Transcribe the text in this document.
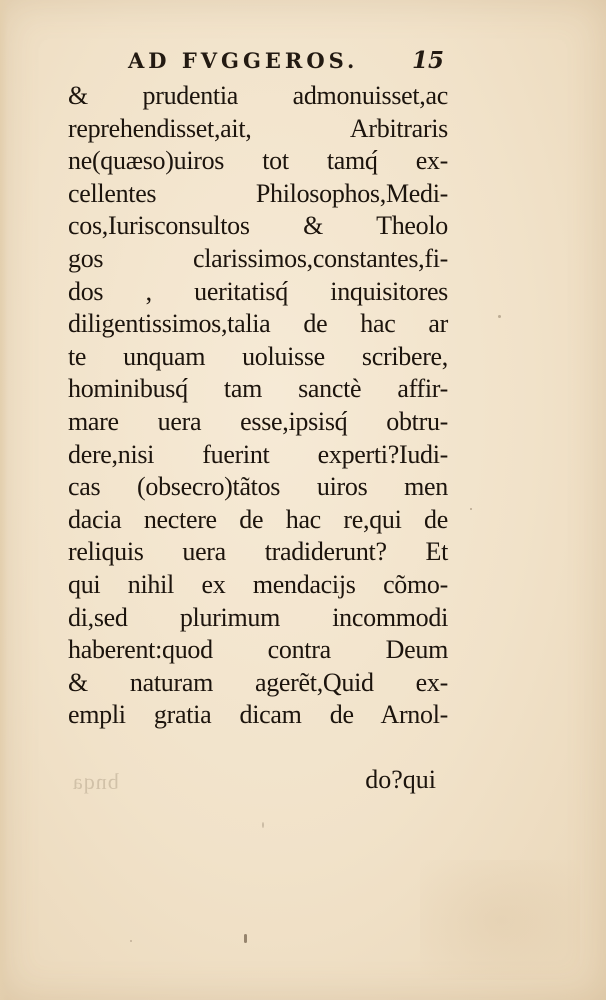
AD FVGGEROS. 15
& prudentia admonuisset,ac
reprehendisset,ait, Arbitraris
ne(quæso)uiros tot tamq́ ex-
cellentes Philosophos,Medi-
cos,Iurisconsultos & Theolo
gos clarissimos,constantes,fi-
dos , ueritatisq́ inquisitores
diligentissimos,talia de hac ar
te unquam uoluisse scribere,
hominibusq́ tam sanctè affir-
mare uera esse,ipsisq́ obtru-
dere,nisi fuerint experti?Iudi-
cas (obsecro)tãtos uiros men
dacia nectere de hac re,qui de
reliquis uera tradiderunt? Et
qui nihil ex mendacijs cõmo-
di,sed plurimum incommodi
haberent:quod contra Deum
& naturam agerẽt,Quid ex-
empli gratia dicam de Arnol-
bnqa	do?qui
